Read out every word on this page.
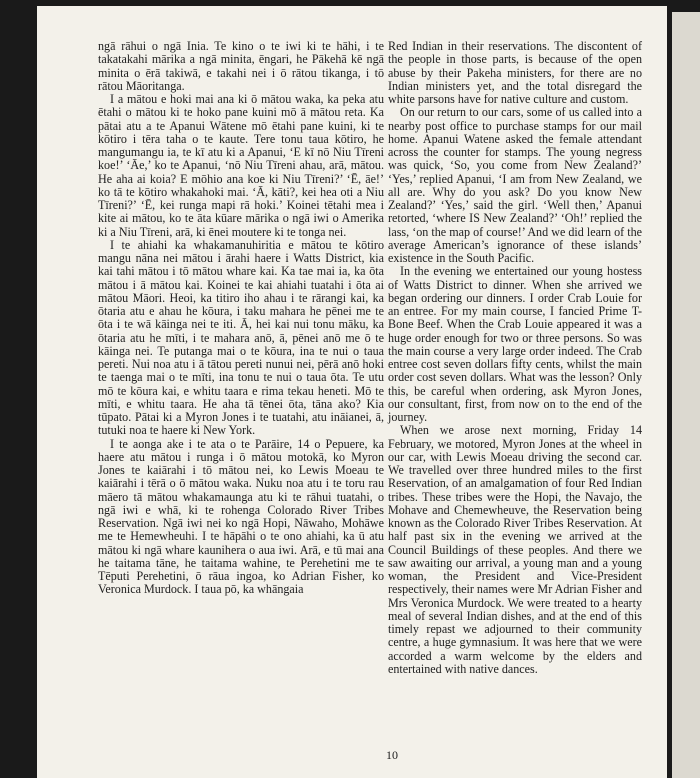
ngā rāhui o ngā Inia. Te kino o te iwi ki te hāhi, i te takatakahi mārika a ngā minita, ēngari, he Pākehā kē ngā minita o ērā takiwā, e takahi nei i ō rātou tikanga, i tō rātou Māoritanga.

I a mātou e hoki mai ana ki ō mātou waka, ka peka atu ētahi o mātou ki te hoko pane kuini mō ā mātou reta. Ka pātai atu a te Apanui Wātene mō ētahi pane kuini, ki te kōtiro i tēra taha o te kaute. Tere tonu taua kōtiro, he mangumangu ia, te kī atu ki a Apanui, ‘E kī nō Niu Tīreni koe!’ ‘Āe,’ ko te Apanui, ‘nō Niu Tīreni ahau, arā, mātou. He aha ai koia? E mōhio ana koe ki Niu Tīreni?’ ‘Ē, āe!’ ko tā te kōtiro whakahoki mai. ‘Ā, kāti?, kei hea oti a Niu Tīreni?’ ‘Ē, kei runga mapi rā hoki.’ Koinei tētahi mea i kite ai mātou, ko te āta kūare mārika o ngā iwi o Amerika ki a Niu Tīreni, arā, ki ēnei moutere ki te tonga nei.

I te ahiahi ka whakamanuhiritia e mātou te kōtiro mangu nāna nei mātou i ārahi haere i Watts District, kia kai tahi mātou i tō mātou whare kai. Ka tae mai ia, ka ōta mātou i ā mātou kai. Koinei te kai ahiahi tuatahi i ōta ai mātou Māori. Heoi, ka titiro iho ahau i te rārangi kai, ka ōtaria atu e ahau he kōura, i taku mahara he pēnei me te ōta i te wā kāinga nei te iti. Ā, hei kai nui tonu māku, ka ōtaria atu he mīti, i te mahara anō, ā, pēnei anō me ō te kāinga nei. Te putanga mai o te kōura, ina te nui o taua pereti. Nui noa atu i ā tātou pereti nunui nei, pērā anō hoki te taenga mai o te mīti, ina tonu te nui o taua ōta. Te utu mō te kōura kai, e whitu taara e rima tekau heneti. Mō te mīti, e whitu taara. He aha tā tēnei ōta, tāna ako? Kia tūpato. Pātai ki a Myron Jones i te tuatahi, atu ināianei, ā, tutuki noa te haere ki New York.

I te aonga ake i te ata o te Parāire, 14 o Pepuere, ka haere atu mātou i runga i ō mātou motokā, ko Myron Jones te kaiārahi i tō mātou nei, ko Lewis Moeau te kaiārahi i tērā o ō mātou waka. Nuku noa atu i te toru rau māero tā mātou whakamaunga atu ki te rāhui tuatahi, o ngā iwi e whā, ki te rohenga Colorado River Tribes Reservation. Ngā iwi nei ko ngā Hopi, Nāwaho, Mohāwe me te Hemewheuhi. I te hāpāhi o te ono ahiahi, ka ū atu mātou ki ngā whare kaunihera o aua iwi. Arā, e tū mai ana he taitama tāne, he taitama wahine, te Perehetini me te Tēputi Perehetini, ō rāua ingoa, ko Adrian Fisher, ko Veronica Murdock. I taua pō, ka whāngaia

Red Indian in their reservations. The discontent of the people in those parts, is because of the open abuse by their Pakeha ministers, for there are no Indian ministers yet, and the total disregard the white parsons have for native culture and custom.

On our return to our cars, some of us called into a nearby post office to purchase stamps for our mail home. Apanui Watene asked the female attendant across the counter for stamps. The young negress was quick, ‘So, you come from New Zealand?’ ‘Yes,’ replied Apanui, ‘I am from New Zealand, we all are. Why do you ask? Do you know New Zealand?’ ‘Yes,’ said the girl. ‘Well then,’ Apanui retorted, ‘where IS New Zealand?’ ‘Oh!’ replied the lass, ‘on the map of course!’ And we did learn of the average American’s ignorance of these islands’ existence in the South Pacific.

In the evening we entertained our young hostess of Watts District to dinner. When she arrived we began ordering our dinners. I order Crab Louie for an entree. For my main course, I fancied Prime T-Bone Beef. When the Crab Louie appeared it was a huge order enough for two or three persons. So was the main course a very large order indeed. The Crab entree cost seven dollars fifty cents, whilst the main order cost seven dollars. What was the lesson? Only this, be careful when ordering, ask Myron Jones, our consultant, first, from now on to the end of the journey.

When we arose next morning, Friday 14 February, we motored, Myron Jones at the wheel in our car, with Lewis Moeau driving the second car. We travelled over three hundred miles to the first Reservation, of an amalgamation of four Red Indian tribes. These tribes were the Hopi, the Navajo, the Mohave and Chemewheuve, the Reservation being known as the Colorado River Tribes Reservation. At half past six in the evening we arrived at the Council Buildings of these peoples. And there we saw awaiting our arrival, a young man and a young woman, the President and Vice-President respectively, their names were Mr Adrian Fisher and Mrs Veronica Murdock. We were treated to a hearty meal of several Indian dishes, and at the end of this timely repast we adjourned to their community centre, a huge gymnasium. It was here that we were accorded a warm welcome by the elders and entertained with native dances.

10
